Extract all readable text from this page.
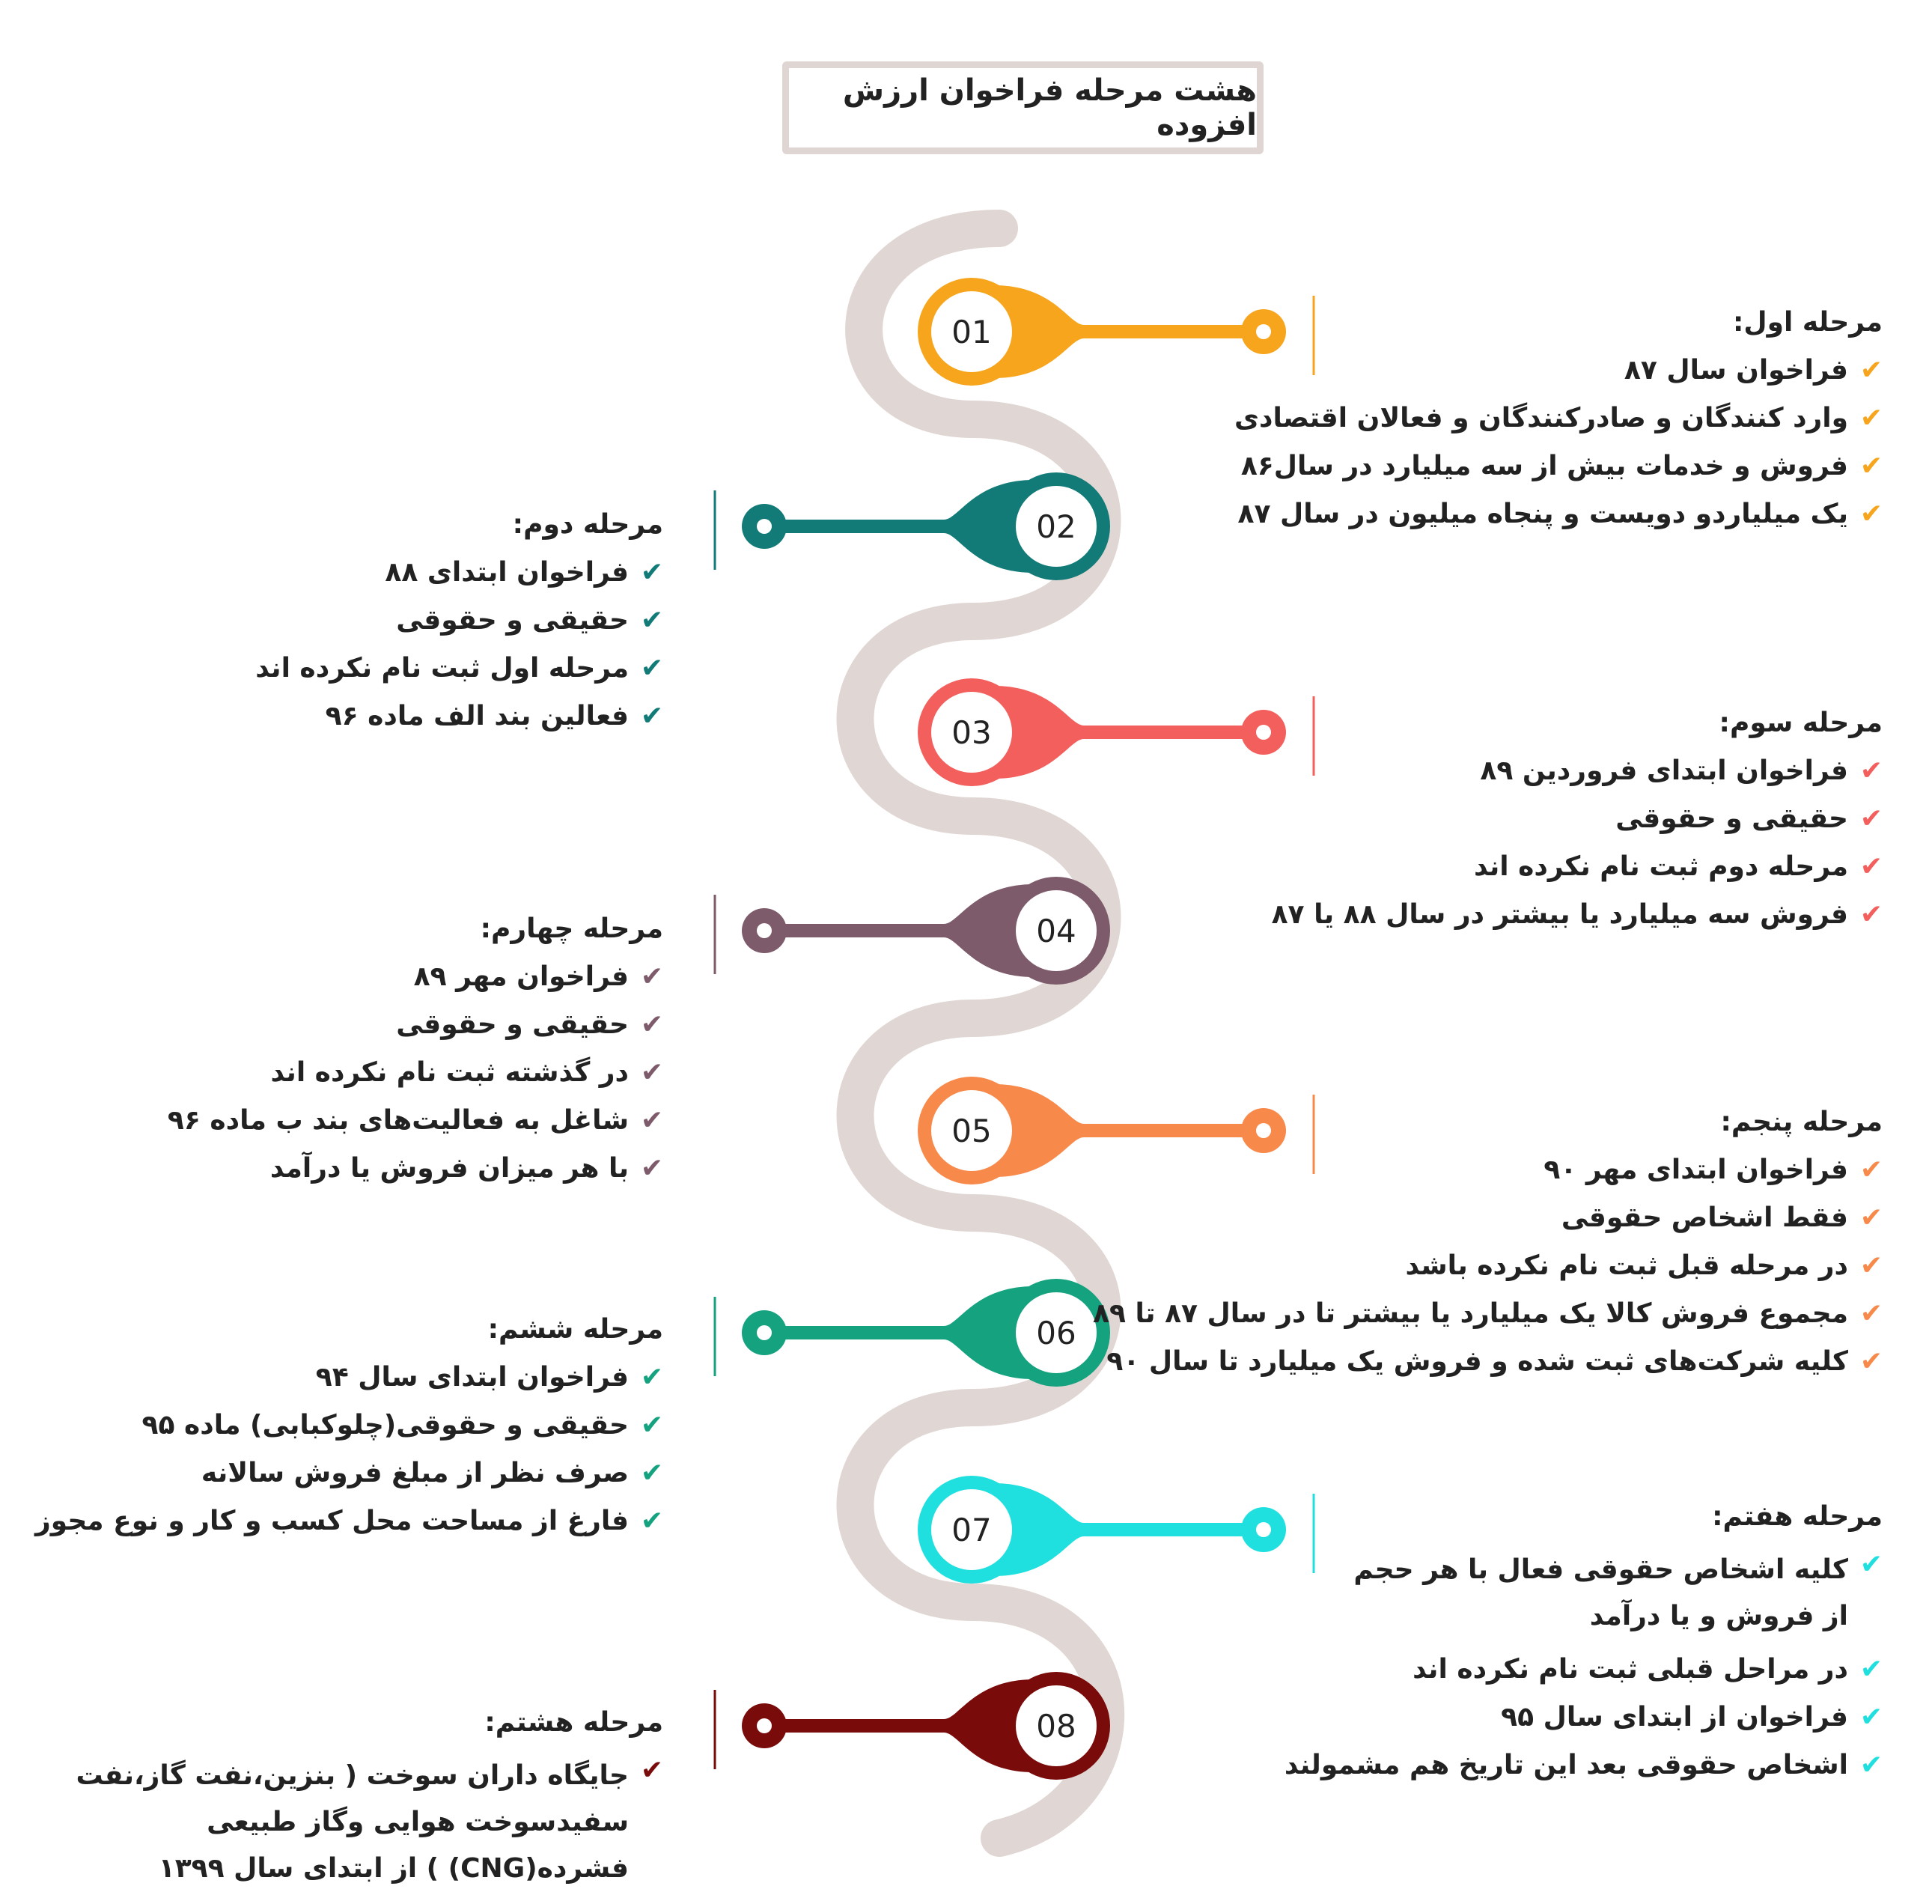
01
02
03
04
05
06
07
08
هشت مرحله فراخوان ارزش افزوده
مرحله اول:
✔
فراخوان سال ۸۷
✔
وارد کنندگان و صادرکنندگان و فعالان اقتصادی
✔
فروش و خدمات بیش از سه میلیارد در سال۸۶
✔
یک میلیاردو دویست و پنجاه میلیون در سال ۸۷
مرحله دوم:
✔
فراخوان ابتدای ۸۸
✔
حقیقی و حقوقی
✔
مرحله اول ثبت نام نکرده اند
✔
فعالین بند الف ماده ۹۶	مرحله سوم:
✔
فراخوان ابتدای فروردین ۸۹
✔
حقیقی و حقوقی
✔
مرحله دوم ثبت نام نکرده اند
✔
فروش سه میلیارد یا بیشتر در سال ۸۸ یا ۸۷
مرحله چهارم:
✔
فراخوان مهر ۸۹
✔
حقیقی و حقوقی
✔
در گذشته ثبت نام نکرده اند
✔
شاغل به فعالیت‌های بند ب ماده ۹۶
✔
با هر میزان فروش یا درآمد
مرحله پنجم:
✔
فراخوان ابتدای مهر ۹۰
✔
فقط اشخاص حقوقی
✔
در مرحله قبل ثبت نام نکرده باشد
✔
مجموع فروش کالا یک میلیارد یا بیشتر تا در سال ۸۷ تا ۸۹
✔
کلیه شرکت‌های ثبت شده و فروش یک میلیارد تا سال ۹۰
مرحله ششم:
✔
فراخوان ابتدای سال ۹۴
✔
حقیقی و حقوقی(چلوکبابی) ماده ۹۵
✔
صرف نظر از مبلغ فروش سالانه
✔
فارغ از مساحت محل کسب و کار و نوع مجوز	مرحله هفتم:
✔
کلیه اشخاص حقوقی فعال با هر حجم از فروش و یا درآمد
✔
در مراحل قبلی ثبت نام نکرده اند
✔
فراخوان از ابتدای سال ۹۵
✔
اشخاص حقوقی بعد این تاریخ هم مشمولند
مرحله هشتم:
✔
جایگاه داران سوخت ( بنزین،نفت گاز،نفت سفیدسوخت هوایی وگاز طبیعی فشرده(CNG) ) از ابتدای سال ۱۳۹۹
